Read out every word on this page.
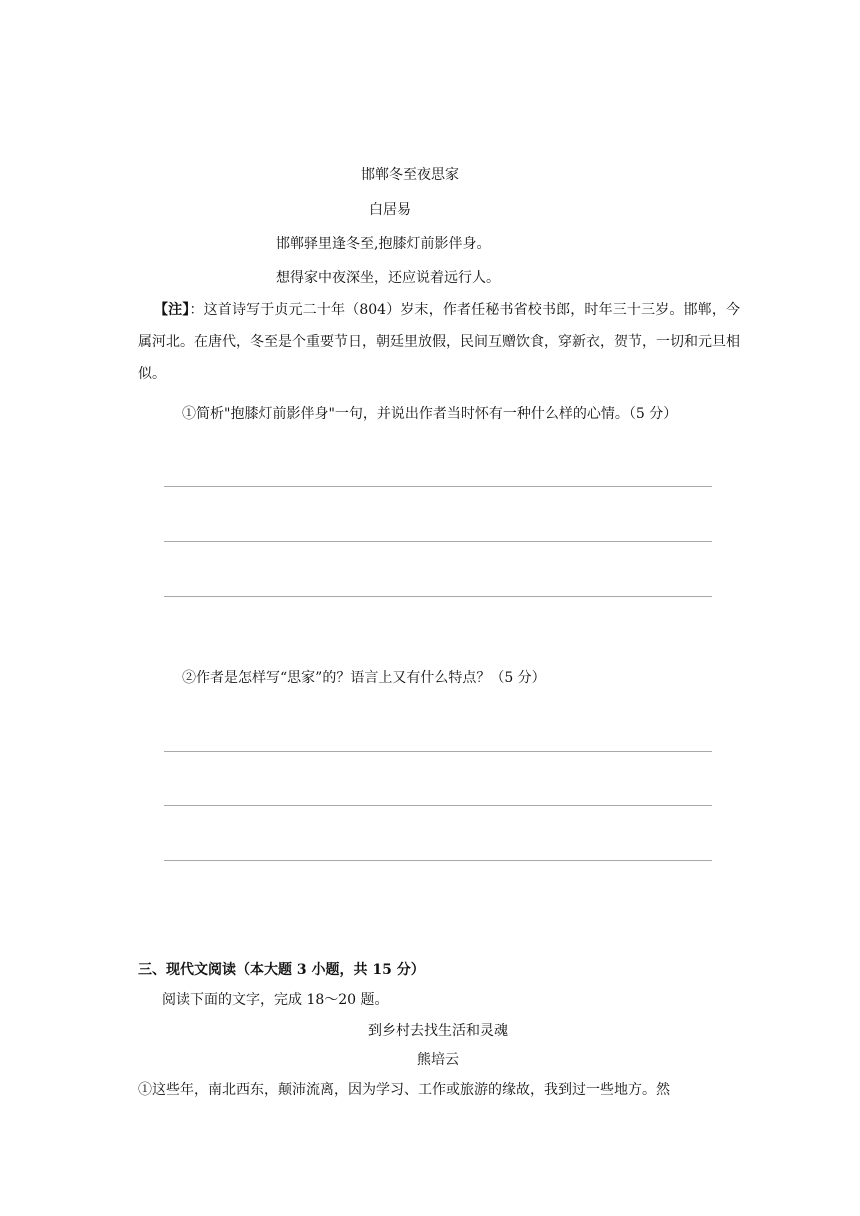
邯郸冬至夜思家
白居易
邯郸驿里逢冬至,抱膝灯前影伴身。
想得家中夜深坐，还应说着远行人。
【注】：这首诗写于贞元二十年（804）岁末，作者任秘书省校书郎，时年三十三岁。邯郸，今属河北。在唐代，冬至是个重要节日，朝廷里放假，民间互赠饮食，穿新衣，贺节，一切和元旦相似。
①简析"抱膝灯前影伴身"一句，并说出作者当时怀有一种什么样的心情。（5 分）
②作者是怎样写“思家”的？语言上又有什么特点？（5 分）
三、现代文阅读（本大题 3 小题，共 15 分）
阅读下面的文字，完成 18～20 题。
到乡村去找生活和灵魂
熊培云
①这些年，南北西东，颠沛流离，因为学习、工作或旅游的缘故，我到过一些地方。然
